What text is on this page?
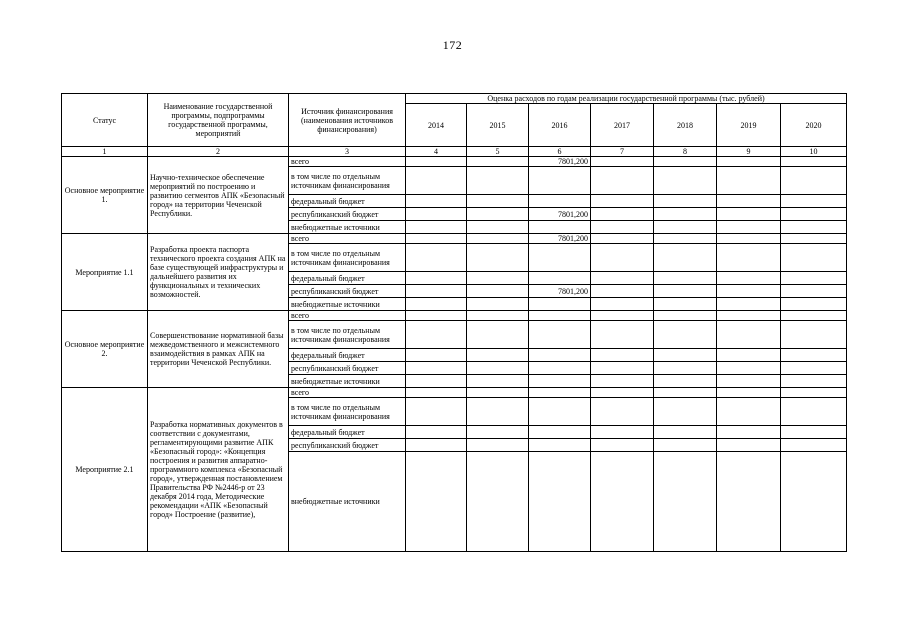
172
Статус	Наименование государственной программы, подпрограммы государственной программы, мероприятий	Источник финансирования (наименования источников финансирования)	Оценка расходов по годам реализации государственной программы (тыс. рублей)						
			2014	2015	2016	2017	2018	2019	2020
1	2	3	4	5	6	7	8	9	10
Основное мероприятие 1.	Научно-техническое обеспечение мероприятий по построению и развитию сегментов АПК «Безопасный город» на территории Чеченской Республики.	всего			7801,200				
		в том числе по отдельным источникам финансирования							
		федеральный бюджет							
		республиканский бюджет			7801,200				
		внебюджетные источники							
Мероприятие 1.1	Разработка проекта паспорта технического проекта создания АПК на базе существующей инфраструктуры и дальнейшего развития их функциональных и технических возможностей.	всего			7801,200				
		в том числе по отдельным источникам финансирования							
		федеральный бюджет							
		республиканский бюджет			7801,200				
		внебюджетные источники							
Основное мероприятие 2.	Совершенствование нормативной базы межведомственного и межсистемного взаимодействия в рамках АПК на территории Чеченской Республики.	всего							
		в том числе по отдельным источникам финансирования							
		федеральный бюджет							
		республиканский бюджет							
		внебюджетные источники							
Мероприятие 2.1	Разработка нормативных документов в соответствии с документами, регламентирующими развитие АПК «Безопасный город»: «Концепция построения и развития аппаратно-программного комплекса «Безопасный город», утвержденная постановлением Правительства РФ №2446-р от 23 декабря 2014 года, Методические рекомендации «АПК «Безопасный город» Построение (развитие),	всего							
		в том числе по отдельным источникам финансирования							
		федеральный бюджет							
		республиканский бюджет							
		внебюджетные источники							
